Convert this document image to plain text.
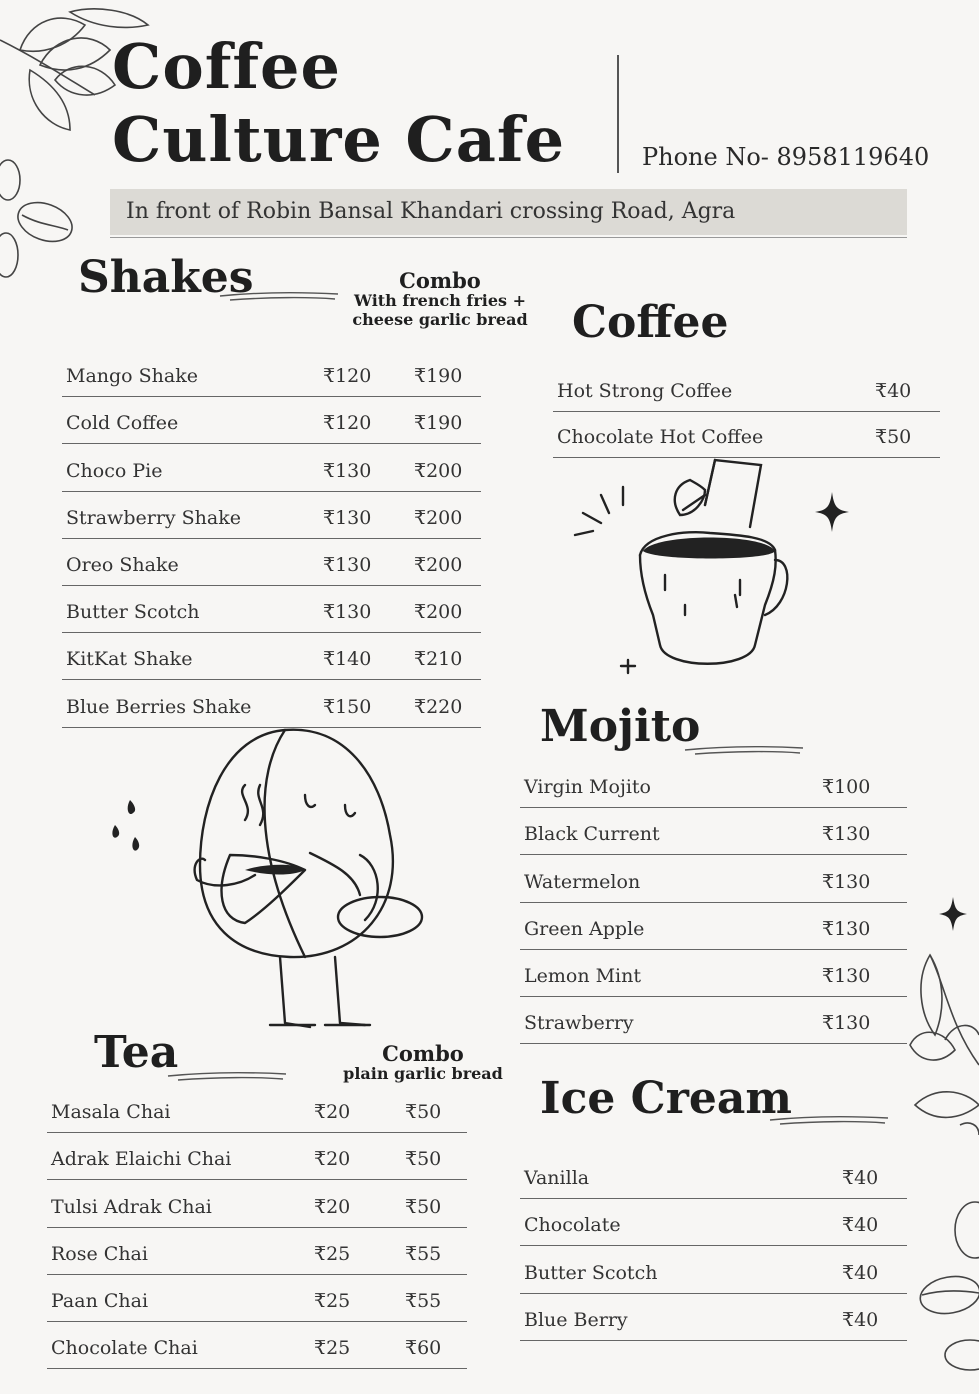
Coffee
Culture Cafe	Phone No- 8958119640
In front of Robin Bansal Khandari crossing Road, Agra
Shakes	Combo
With french fries +
cheese garlic bread
Mango Shake	₹120 ₹190
Cold Coffee	₹120 ₹190
Choco Pie	₹130 ₹200
Strawberry Shake	₹130 ₹200
Oreo Shake	₹130 ₹200
Butter Scotch	₹130 ₹200
KitKat Shake	₹140 ₹210
Blue Berries Shake	₹150 ₹220
Coffee
Hot Strong Coffee	₹40
Chocolate Hot Coffee	₹50
Mojito
Virgin Mojito	₹100
Black Current	₹130
Watermelon	₹130
Green Apple	₹130
Lemon Mint	₹130
Strawberry	₹130
Tea	Combo
plain garlic bread
Masala Chai	₹20	₹50
Adrak Elaichi Chai	₹20	₹50
Tulsi Adrak Chai	₹20	₹50
Rose Chai	₹25	₹55
Paan Chai	₹25	₹55
Chocolate Chai	₹25	₹60
Ice Cream
Vanilla	₹40
Chocolate	₹40
Butter Scotch	₹40
Blue Berry	₹40
